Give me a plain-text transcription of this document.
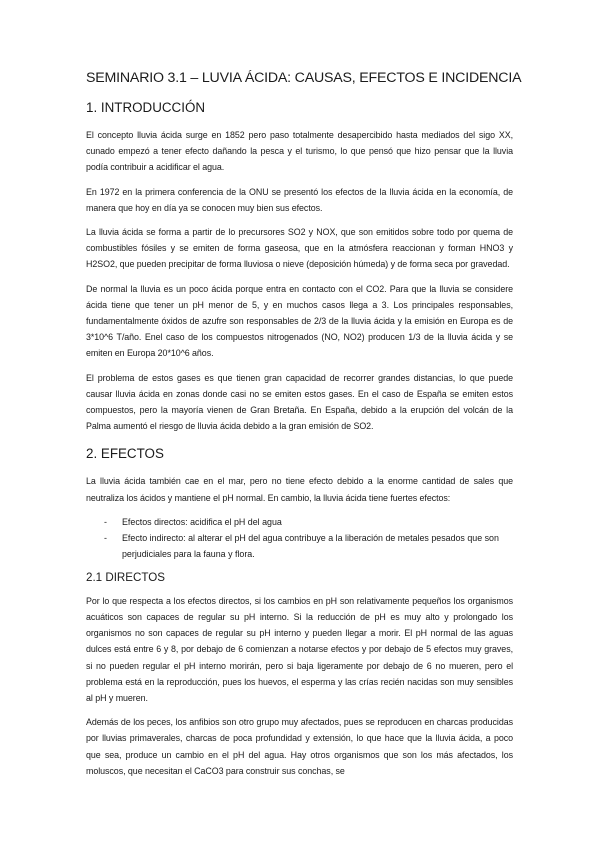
SEMINARIO 3.1 – LUVIA ÁCIDA: CAUSAS, EFECTOS E INCIDENCIA
1. INTRODUCCIÓN

El concepto lluvia ácida surge en 1852 pero paso totalmente desapercibido hasta mediados del sigo XX, cunado empezó a tener efecto dañando la pesca y el turismo, lo que pensó que hizo pensar que la lluvia podía contribuir a acidificar el agua.

En 1972 en la primera conferencia de la ONU se presentó los efectos de la lluvia ácida en la economía, de manera que hoy en día ya se conocen muy bien sus efectos.

La lluvia ácida se forma a partir de lo precursores SO2 y NOX, que son emitidos sobre todo por quema de combustibles fósiles y se emiten de forma gaseosa, que en la atmósfera reaccionan y forman HNO3 y H2SO2, que pueden precipitar de forma lluviosa o nieve (deposición húmeda) y de forma seca por gravedad.

De normal la lluvia es un poco ácida porque entra en contacto con el CO2. Para que la lluvia se considere ácida tiene que tener un pH menor de 5, y en muchos casos llega a 3. Los principales responsables, fundamentalmente óxidos de azufre son responsables de 2/3 de la lluvia ácida y la emisión en Europa es de 3*10^6 T/año. Enel caso de los compuestos nitrogenados (NO, NO2) producen 1/3 de la lluvia ácida y se emiten en Europa 20*10^6 años.

El problema de estos gases es que tienen gran capacidad de recorrer grandes distancias, lo que puede causar lluvia ácida en zonas donde casi no se emiten estos gases. En el caso de España se emiten estos compuestos, pero la mayoría vienen de Gran Bretaña. En España, debido a la erupción del volcán de la Palma aumentó el riesgo de lluvia ácida debido a la gran emisión de SO2.

2. EFECTOS

La lluvia ácida también cae en el mar, pero no tiene efecto debido a la enorme cantidad de sales que neutraliza los ácidos y mantiene el pH normal. En cambio, la lluvia ácida tiene fuertes efectos:

- Efectos directos: acidifica el pH del agua
- Efecto indirecto: al alterar el pH del agua contribuye a la liberación de metales pesados que son perjudiciales para la fauna y flora.
2.1 DIRECTOS

Por lo que respecta a los efectos directos, si los cambios en pH son relativamente pequeños los organismos acuáticos son capaces de regular su pH interno. Si la reducción de pH es muy alto y prolongado los organismos no son capaces de regular su pH interno y pueden llegar a morir. El pH normal de las aguas dulces está entre 6 y 8, por debajo de 6 comienzan a notarse efectos y por debajo de 5 efectos muy graves, si no pueden regular el pH interno morirán, pero si baja ligeramente por debajo de 6 no mueren, pero el problema está en la reproducción, pues los huevos, el esperma y las crías recién nacidas son muy sensibles al pH y mueren.

Además de los peces, los anfibios son otro grupo muy afectados, pues se reproducen en charcas producidas por lluvias primaverales, charcas de poca profundidad y extensión, lo que hace que la lluvia ácida, a poco que sea, produce un cambio en el pH del agua. Hay otros organismos que son los más afectados, los moluscos, que necesitan el CaCO3 para construir sus conchas, se
